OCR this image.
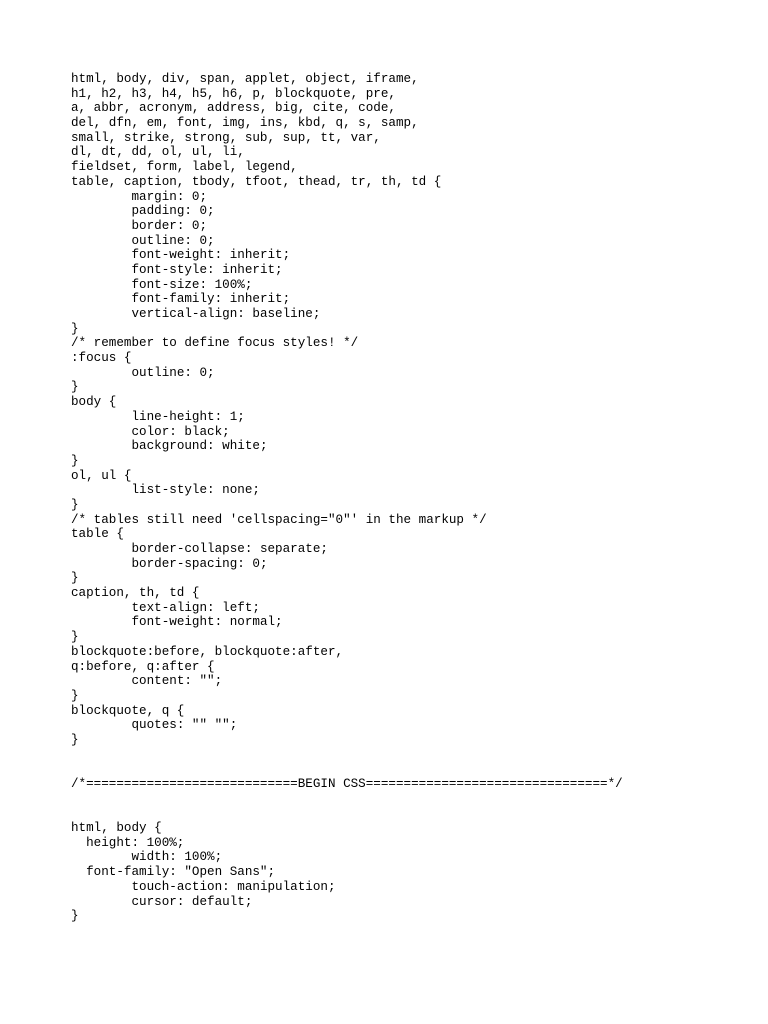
html, body, div, span, applet, object, iframe,
h1, h2, h3, h4, h5, h6, p, blockquote, pre,
a, abbr, acronym, address, big, cite, code,
del, dfn, em, font, img, ins, kbd, q, s, samp,
small, strike, strong, sub, sup, tt, var,
dl, dt, dd, ol, ul, li,
fieldset, form, label, legend,
table, caption, tbody, tfoot, thead, tr, th, td {
	margin: 0;
	padding: 0;
	border: 0;
	outline: 0;
	font-weight: inherit;
	font-style: inherit;
	font-size: 100%;
	font-family: inherit;
	vertical-align: baseline;
}
/* remember to define focus styles! */
:focus {
	outline: 0;
}
body {
	line-height: 1;
	color: black;
	background: white;
}
ol, ul {
	list-style: none;
}
/* tables still need 'cellspacing="0"' in the markup */
table {
	border-collapse: separate;
	border-spacing: 0;
}
caption, th, td {
	text-align: left;
	font-weight: normal;
}
blockquote:before, blockquote:after,
q:before, q:after {
	content: "";
}
blockquote, q {
	quotes: "" "";
}
/*============================BEGIN CSS================================*/
html, body {
height: 100%;
	width: 100%;
font-family: "Open Sans";
	touch-action: manipulation;
	cursor: default;
}
